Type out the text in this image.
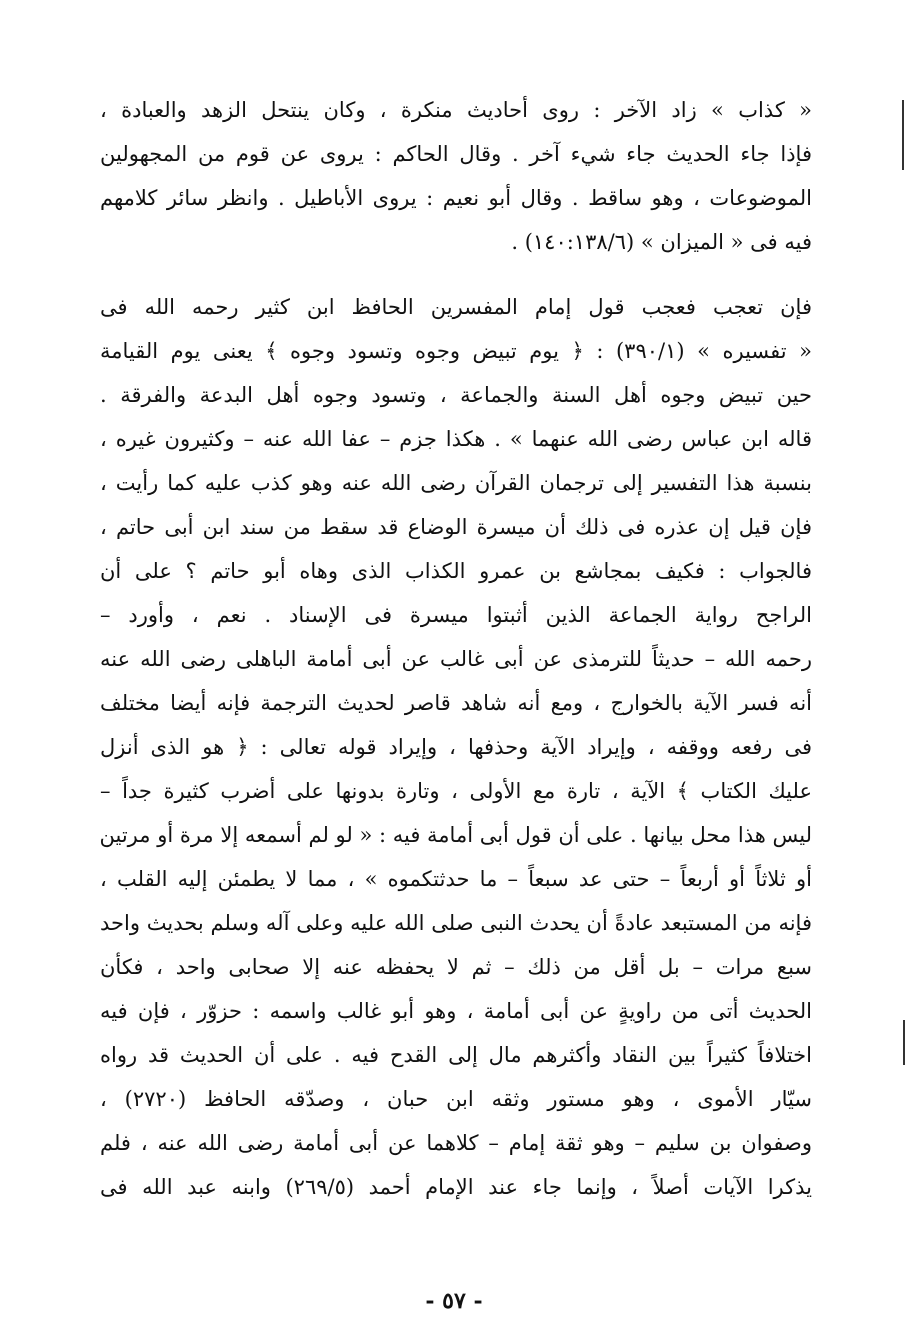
« كذاب » زاد الآخر : روى أحاديث منكرة ، وكان ينتحل الزهد والعبادة ،
فإذا جاء الحديث جاء شيء آخر . وقال الحاكم : يروى عن قوم من المجهولين
الموضوعات ، وهو ساقط . وقال أبو نعيم : يروى الأباطيل . وانظر سائر كلامهم
فيه فى « الميزان » (١٤٠:١٣٨/٦) .
فإن تعجب فعجب قول إمام المفسرين الحافظ ابن كثير رحمه الله فى
« تفسيره » (٣٩٠/١) : ﴿ يوم تبيض وجوه وتسود وجوه ﴾ يعنى يوم القيامة
حين تبيض وجوه أهل السنة والجماعة ، وتسود وجوه أهل البدعة والفرقة .
قاله ابن عباس رضى الله عنهما » . هكذا جزم – عفا الله عنه – وكثيرون غيره ،
بنسبة هذا التفسير إلى ترجمان القرآن رضى الله عنه وهو كذب عليه كما رأيت ،
فإن قيل إن عذره فى ذلك أن ميسرة الوضاع قد سقط من سند ابن أبى حاتم ،
فالجواب : فكيف بمجاشع بن عمرو الكذاب الذى وهاه أبو حاتم ؟ على أن
الراجح رواية الجماعة الذين أثبتوا ميسرة فى الإسناد . نعم ، وأورد –
رحمه الله – حديثاً للترمذى عن أبى غالب عن أبى أمامة الباهلى رضى الله عنه
أنه فسر الآية بالخوارج ، ومع أنه شاهد قاصر لحديث الترجمة فإنه أيضا مختلف
فى رفعه ووقفه ، وإيراد الآية وحذفها ، وإيراد قوله تعالى : ﴿ هو الذى أنزل
عليك الكتاب ﴾ الآية ، تارة مع الأولى ، وتارة بدونها على أضرب كثيرة جداً –
ليس هذا محل بيانها . على أن قول أبى أمامة فيه : « لو لم أسمعه إلا مرة أو مرتين
أو ثلاثاً أو أربعاً – حتى عد سبعاً – ما حدثتكموه » ، مما لا يطمئن إليه القلب ،
فإنه من المستبعد عادةً أن يحدث النبى صلى الله عليه وعلى آله وسلم بحديث واحد
سبع مرات – بل أقل من ذلك – ثم لا يحفظه عنه إلا صحابى واحد ، فكأن
الحديث أتى من راويةٍ عن أبى أمامة ، وهو أبو غالب واسمه : حزوّر ، فإن فيه
اختلافاً كثيراً بين النقاد وأكثرهم مال إلى القدح فيه . على أن الحديث قد رواه
سيّار الأموى ، وهو مستور وثقه ابن حبان ، وصدّقه الحافظ (٢٧٢٠) ،
وصفوان بن سليم – وهو ثقة إمام – كلاهما عن أبى أمامة رضى الله عنه ، فلم
يذكرا الآيات أصلاً ، وإنما جاء عند الإمام أحمد (٢٦٩/٥) وابنه عبد الله فى
- ٥٧ -
